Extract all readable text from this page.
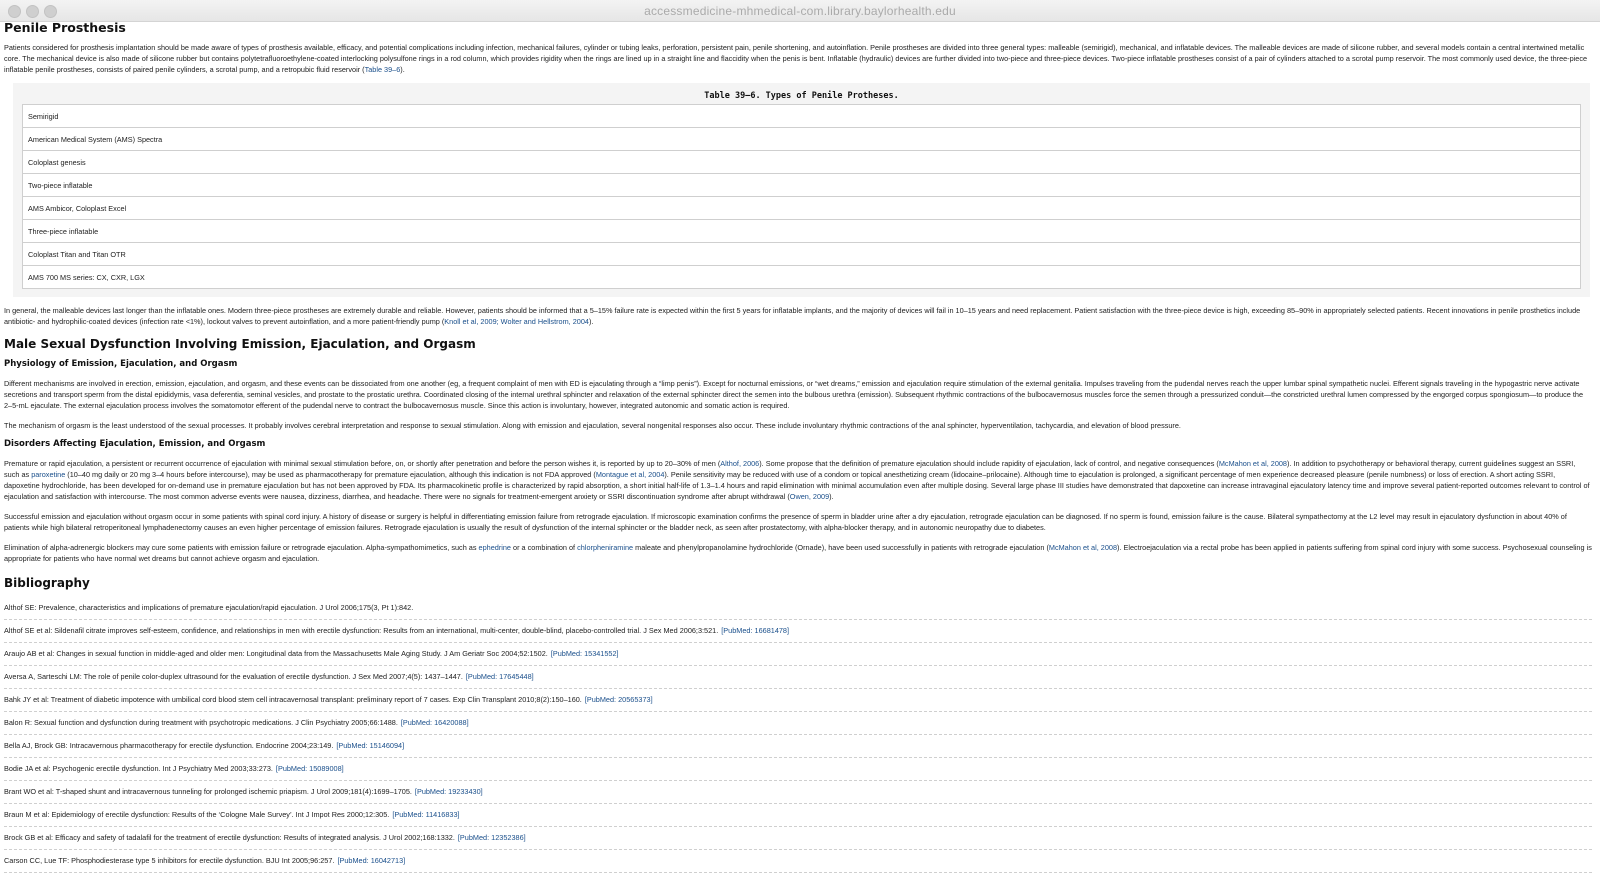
accessmedicine-mhmedical-com.library.baylorhealth.edu
Penile Prosthesis

Patients considered for prosthesis implantation should be made aware of types of prosthesis available, efficacy, and potential complications including infection, mechanical failures, cylinder or tubing leaks, perforation, persistent pain, penile shortening, and autoinflation. Penile prostheses are divided into three general types: malleable (semirigid), mechanical, and inflatable devices. The malleable devices are made of silicone rubber, and several models contain a central intertwined metallic core. The mechanical device is also made of silicone rubber but contains polytetrafluoroethylene-coated interlocking polysulfone rings in a rod column, which provides rigidity when the rings are lined up in a straight line and flaccidity when the penis is bent. Inflatable (hydraulic) devices are further divided into two-piece and three-piece devices. Two-piece inflatable prostheses consist of a pair of cylinders attached to a scrotal pump reservoir. The most commonly used device, the three-piece inflatable penile prostheses, consists of paired penile cylinders, a scrotal pump, and a retropubic fluid reservoir (Table 39–6).

Table 39–6. Types of Penile Protheses.
Semirigid
American Medical System (AMS) Spectra
Coloplast genesis
Two-piece inflatable
AMS Ambicor, Coloplast Excel
Three-piece inflatable
Coloplast Titan and Titan OTR
AMS 700 MS series: CX, CXR, LGX

In general, the malleable devices last longer than the inflatable ones. Modern three-piece prostheses are extremely durable and reliable. However, patients should be informed that a 5–15% failure rate is expected within the first 5 years for inflatable implants, and the majority of devices will fail in 10–15 years and need replacement. Patient satisfaction with the three-piece device is high, exceeding 85–90% in appropriately selected patients. Recent innovations in penile prosthetics include antibiotic- and hydrophilic-coated devices (infection rate <1%), lockout valves to prevent autoinflation, and a more patient-friendly pump (Knoll et al, 2009; Wolter and Hellstrom, 2004).

Male Sexual Dysfunction Involving Emission, Ejaculation, and Orgasm
Physiology of Emission, Ejaculation, and Orgasm

Different mechanisms are involved in erection, emission, ejaculation, and orgasm, and these events can be dissociated from one another (eg, a frequent complaint of men with ED is ejaculating through a “limp penis”). Except for nocturnal emissions, or “wet dreams,” emission and ejaculation require stimulation of the external genitalia. Impulses traveling from the pudendal nerves reach the upper lumbar spinal sympathetic nuclei. Efferent signals traveling in the hypogastric nerve activate secretions and transport sperm from the distal epididymis, vasa deferentia, seminal vesicles, and prostate to the prostatic urethra. Coordinated closing of the internal urethral sphincter and relaxation of the external sphincter direct the semen into the bulbous urethra (emission). Subsequent rhythmic contractions of the bulbocavernosus muscles force the semen through a pressurized conduit—the constricted urethral lumen compressed by the engorged corpus spongiosum—to produce the 2–5-mL ejaculate. The external ejaculation process involves the somatomotor efferent of the pudendal nerve to contract the bulbocavernosus muscle. Since this action is involuntary, however, integrated autonomic and somatic action is required.

The mechanism of orgasm is the least understood of the sexual processes. It probably involves cerebral interpretation and response to sexual stimulation. Along with emission and ejaculation, several nongenital responses also occur. These include involuntary rhythmic contractions of the anal sphincter, hyperventilation, tachycardia, and elevation of blood pressure.

Disorders Affecting Ejaculation, Emission, and Orgasm

Premature or rapid ejaculation, a persistent or recurrent occurrence of ejaculation with minimal sexual stimulation before, on, or shortly after penetration and before the person wishes it, is reported by up to 20–30% of men (Althof, 2006). Some propose that the definition of premature ejaculation should include rapidity of ejaculation, lack of control, and negative consequences (McMahon et al, 2008). In addition to psychotherapy or behavioral therapy, current guidelines suggest an SSRI, such as paroxetine (10–40 mg daily or 20 mg 3–4 hours before intercourse), may be used as pharmacotherapy for premature ejaculation, although this indication is not FDA approved (Montague et al, 2004). Penile sensitivity may be reduced with use of a condom or topical anesthetizing cream (lidocaine–prilocaine). Although time to ejaculation is prolonged, a significant percentage of men experience decreased pleasure (penile numbness) or loss of erection. A short acting SSRI, dapoxetine hydrochloride, has been developed for on-demand use in premature ejaculation but has not been approved by FDA. Its pharmacokinetic profile is characterized by rapid absorption, a short initial half-life of 1.3–1.4 hours and rapid elimination with minimal accumulation even after multiple dosing. Several large phase III studies have demonstrated that dapoxetine can increase intravaginal ejaculatory latency time and improve several patient-reported outcomes relevant to control of ejaculation and satisfaction with intercourse. The most common adverse events were nausea, dizziness, diarrhea, and headache. There were no signals for treatment-emergent anxiety or SSRI discontinuation syndrome after abrupt withdrawal (Owen, 2009).

Successful emission and ejaculation without orgasm occur in some patients with spinal cord injury. A history of disease or surgery is helpful in differentiating emission failure from retrograde ejaculation. If microscopic examination confirms the presence of sperm in bladder urine after a dry ejaculation, retrograde ejaculation can be diagnosed. If no sperm is found, emission failure is the cause. Bilateral sympathectomy at the L2 level may result in ejaculatory dysfunction in about 40% of patients while high bilateral retroperitoneal lymphadenectomy causes an even higher percentage of emission failures. Retrograde ejaculation is usually the result of dysfunction of the internal sphincter or the bladder neck, as seen after prostatectomy, with alpha-blocker therapy, and in autonomic neuropathy due to diabetes.

Elimination of alpha-adrenergic blockers may cure some patients with emission failure or retrograde ejaculation. Alpha-sympathomimetics, such as ephedrine or a combination of chlorpheniramine maleate and phenylpropanolamine hydrochloride (Ornade), have been used successfully in patients with retrograde ejaculation (McMahon et al, 2008). Electroejaculation via a rectal probe has been applied in patients suffering from spinal cord injury with some success. Psychosexual counseling is appropriate for patients who have normal wet dreams but cannot achieve orgasm and ejaculation.

Bibliography
Althof SE: Prevalence, characteristics and implications of premature ejaculation/rapid ejaculation. J Urol 2006;175(3, Pt 1):842.
Althof SE et al: Sildenafil citrate improves self-esteem, confidence, and relationships in men with erectile dysfunction: Results from an international, multi-center, double-blind, placebo-controlled trial. J Sex Med 2006;3:521. [PubMed: 16681478]
Araujo AB et al: Changes in sexual function in middle-aged and older men: Longitudinal data from the Massachusetts Male Aging Study. J Am Geriatr Soc 2004;52:1502. [PubMed: 15341552]
Aversa A, Sarteschi LM: The role of penile color-duplex ultrasound for the evaluation of erectile dysfunction. J Sex Med 2007;4(5): 1437–1447. [PubMed: 17645448]
Bahk JY et al: Treatment of diabetic impotence with umbilical cord blood stem cell intracavernosal transplant: preliminary report of 7 cases. Exp Clin Transplant 2010;8(2):150–160. [PubMed: 20565373]
Balon R: Sexual function and dysfunction during treatment with psychotropic medications. J Clin Psychiatry 2005;66:1488. [PubMed: 16420088]
Bella AJ, Brock GB: Intracavernous pharmacotherapy for erectile dysfunction. Endocrine 2004;23:149. [PubMed: 15146094]
Bodie JA et al: Psychogenic erectile dysfunction. Int J Psychiatry Med 2003;33:273. [PubMed: 15089008]
Brant WO et al: T-shaped shunt and intracavernous tunneling for prolonged ischemic priapism. J Urol 2009;181(4):1699–1705. [PubMed: 19233430]
Braun M et al: Epidemiology of erectile dysfunction: Results of the ‘Cologne Male Survey’. Int J Impot Res 2000;12:305. [PubMed: 11416833]
Brock GB et al: Efficacy and safety of tadalafil for the treatment of erectile dysfunction: Results of integrated analysis. J Urol 2002;168:1332. [PubMed: 12352386]
Carson CC, Lue TF: Phosphodiesterase type 5 inhibitors for erectile dysfunction. BJU Int 2005;96:257. [PubMed: 16042713]
